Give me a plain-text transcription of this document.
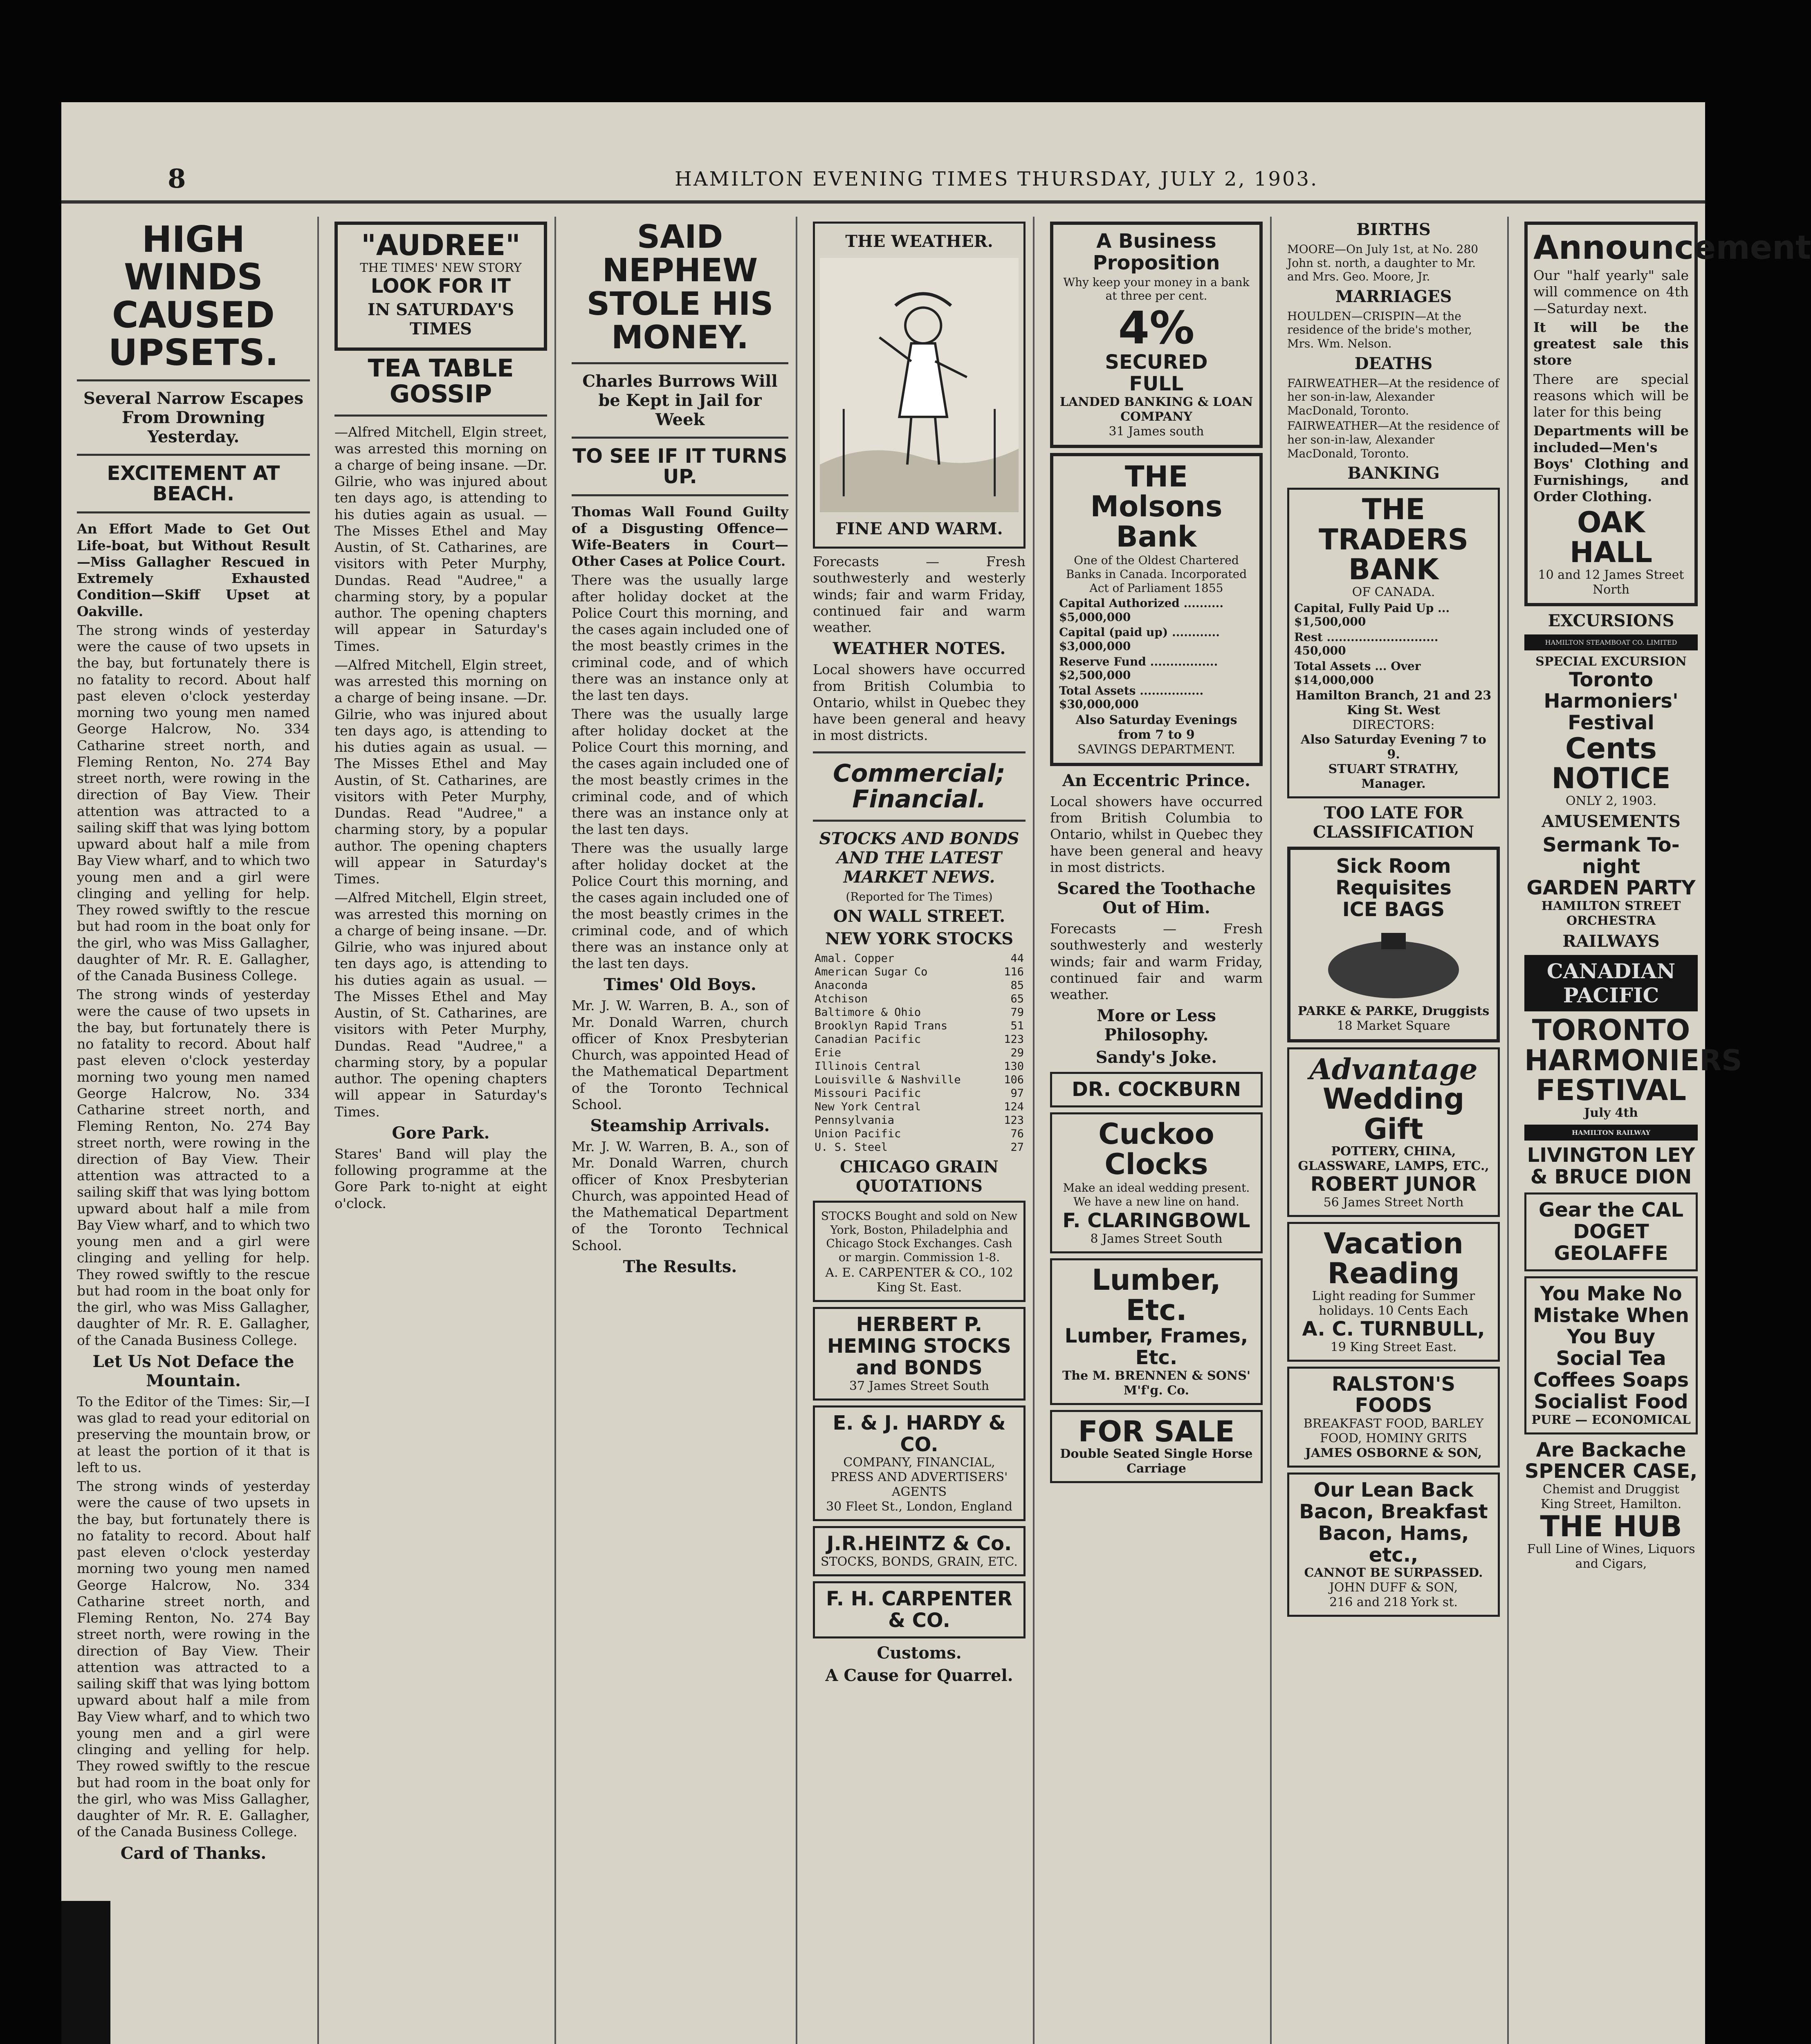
8	HAMILTON EVENING TIMES THURSDAY, JULY 2, 1903.
HIGH WINDS CAUSED UPSETS.
Several Narrow Escapes From Drowning Yesterday.
EXCITEMENT AT BEACH.

An Effort Made to Get Out Life-boat, but Without Result—Miss Gallagher Rescued in Extremely Exhausted Condition—Skiff Upset at Oakville.

The strong winds of yesterday were the cause of two upsets in the bay, but fortunately there is no fatality to record. About half past eleven o'clock yesterday morning two young men named George Halcrow, No. 334 Catharine street north, and Fleming Renton, No. 274 Bay street north, were rowing in the direction of Bay View. Their attention was attracted to a sailing skiff that was lying bottom upward about half a mile from Bay View wharf, and to which two young men and a girl were clinging and yelling for help. They rowed swiftly to the rescue but had room in the boat only for the girl, who was Miss Gallagher, daughter of Mr. R. E. Gallagher, of the Canada Business College.

The strong winds of yesterday were the cause of two upsets in the bay, but fortunately there is no fatality to record. About half past eleven o'clock yesterday morning two young men named George Halcrow, No. 334 Catharine street north, and Fleming Renton, No. 274 Bay street north, were rowing in the direction of Bay View. Their attention was attracted to a sailing skiff that was lying bottom upward about half a mile from Bay View wharf, and to which two young men and a girl were clinging and yelling for help. They rowed swiftly to the rescue but had room in the boat only for the girl, who was Miss Gallagher, daughter of Mr. R. E. Gallagher, of the Canada Business College.

Let Us Not Deface the Mountain.

To the Editor of the Times: Sir,—I was glad to read your editorial on preserving the mountain brow, or at least the portion of it that is left to us.

The strong winds of yesterday were the cause of two upsets in the bay, but fortunately there is no fatality to record. About half past eleven o'clock yesterday morning two young men named George Halcrow, No. 334 Catharine street north, and Fleming Renton, No. 274 Bay street north, were rowing in the direction of Bay View. Their attention was attracted to a sailing skiff that was lying bottom upward about half a mile from Bay View wharf, and to which two young men and a girl were clinging and yelling for help. They rowed swiftly to the rescue but had room in the boat only for the girl, who was Miss Gallagher, daughter of Mr. R. E. Gallagher, of the Canada Business College.

Card of Thanks.
"AUDREE"
THE TIMES' NEW STORY
LOOK FOR IT
IN SATURDAY'S TIMES
TEA TABLE GOSSIP

—Alfred Mitchell, Elgin street, was arrested this morning on a charge of being insane. —Dr. Gilrie, who was injured about ten days ago, is attending to his duties again as usual. —The Misses Ethel and May Austin, of St. Catharines, are visitors with Peter Murphy, Dundas. Read "Audree," a charming story, by a popular author. The opening chapters will appear in Saturday's Times.

—Alfred Mitchell, Elgin street, was arrested this morning on a charge of being insane. —Dr. Gilrie, who was injured about ten days ago, is attending to his duties again as usual. —The Misses Ethel and May Austin, of St. Catharines, are visitors with Peter Murphy, Dundas. Read "Audree," a charming story, by a popular author. The opening chapters will appear in Saturday's Times.

—Alfred Mitchell, Elgin street, was arrested this morning on a charge of being insane. —Dr. Gilrie, who was injured about ten days ago, is attending to his duties again as usual. —The Misses Ethel and May Austin, of St. Catharines, are visitors with Peter Murphy, Dundas. Read "Audree," a charming story, by a popular author. The opening chapters will appear in Saturday's Times.

Gore Park.

Stares' Band will play the following programme at the Gore Park to-night at eight o'clock.

SAID NEPHEW STOLE HIS MONEY.
Charles Burrows Will be Kept in Jail for Week
TO SEE IF IT TURNS UP.

Thomas Wall Found Guilty of a Disgusting Offence—Wife-Beaters in Court—Other Cases at Police Court.

There was the usually large after holiday docket at the Police Court this morning, and the cases again included one of the most beastly crimes in the criminal code, and of which there was an instance only at the last ten days.

There was the usually large after holiday docket at the Police Court this morning, and the cases again included one of the most beastly crimes in the criminal code, and of which there was an instance only at the last ten days.

There was the usually large after holiday docket at the Police Court this morning, and the cases again included one of the most beastly crimes in the criminal code, and of which there was an instance only at the last ten days.

Times' Old Boys.

Mr. J. W. Warren, B. A., son of Mr. Donald Warren, church officer of Knox Presbyterian Church, was appointed Head of the Mathematical Department of the Toronto Technical School.

Steamship Arrivals.

Mr. J. W. Warren, B. A., son of Mr. Donald Warren, church officer of Knox Presbyterian Church, was appointed Head of the Mathematical Department of the Toronto Technical School.

The Results.
THE WEATHER.
FINE AND WARM.

Forecasts — Fresh southwesterly and westerly winds; fair and warm Friday, continued fair and warm weather.

WEATHER NOTES.

Local showers have occurred from British Columbia to Ontario, whilst in Quebec they have been general and heavy in most districts.

Commercial; Financial.
STOCKS AND BONDS AND THE LATEST MARKET NEWS.
(Reported for The Times)
ON WALL STREET.
NEW YORK STOCKS
Amal. Copper	44
American Sugar Co	116
Anaconda	85
Atchison	65
Baltimore & Ohio	79
Brooklyn Rapid Trans	51
Canadian Pacific	123
Erie	29
Illinois Central	130
Louisville & Nashville	106
Missouri Pacific	97
New York Central	124
Pennsylvania	123
Union Pacific	76
U. S. Steel	27
CHICAGO GRAIN QUOTATIONS

STOCKS Bought and sold on New York, Boston, Philadelphia and Chicago Stock Exchanges. Cash or margin. Commission 1-8.

A. E. CARPENTER & CO., 102 King St. East.
HERBERT P. HEMING STOCKS and BONDS
37 James Street South
E. & J. HARDY & CO.
COMPANY, FINANCIAL, PRESS AND ADVERTISERS' AGENTS
30 Fleet St., London, England
J.R.HEINTZ & Co.
STOCKS, BONDS, GRAIN, ETC.
F. H. CARPENTER & CO.
Customs.
A Cause for Quarrel.
A Business Proposition

Why keep your money in a bank at three per cent.

4%
SECURED
FULL
LANDED BANKING & LOAN COMPANY
31 James south
THE Molsons Bank

One of the Oldest Chartered Banks in Canada. Incorporated Act of Parliament 1855

Capital Authorized .......... $5,000,000
Capital (paid up) ............ $3,000,000
Reserve Fund ................. $2,500,000
Total Assets ................ $30,000,000
Also Saturday Evenings from 7 to 9
SAVINGS DEPARTMENT.
An Eccentric Prince.

Local showers have occurred from British Columbia to Ontario, whilst in Quebec they have been general and heavy in most districts.

Scared the Toothache Out of Him.

Forecasts — Fresh southwesterly and westerly winds; fair and warm Friday, continued fair and warm weather.

More or Less Philosophy.
Sandy's Joke.
DR. COCKBURN
Cuckoo Clocks

Make an ideal wedding present. We have a new line on hand.

F. CLARINGBOWL
8 James Street South
Lumber, Etc.
Lumber, Frames, Etc.
The M. BRENNEN & SONS' M'f'g. Co.
FOR SALE
Double Seated Single Horse Carriage
BIRTHS

MOORE—On July 1st, at No. 280 John st. north, a daughter to Mr. and Mrs. Geo. Moore, Jr.

MARRIAGES

HOULDEN—CRISPIN—At the residence of the bride's mother, Mrs. Wm. Nelson.

DEATHS

FAIRWEATHER—At the residence of her son-in-law, Alexander MacDonald, Toronto.

FAIRWEATHER—At the residence of her son-in-law, Alexander MacDonald, Toronto.

BANKING
THE TRADERS BANK
OF CANADA.
Capital, Fully Paid Up ... $1,500,000
Rest ............................ 450,000
Total Assets ... Over $14,000,000
Hamilton Branch, 21 and 23 King St. West
DIRECTORS:
Also Saturday Evening 7 to 9.
STUART STRATHY, Manager.
TOO LATE FOR CLASSIFICATION
Sick Room Requisites
ICE BAGS
PARKE & PARKE, Druggists
18 Market Square
Advantage
Wedding Gift
POTTERY, CHINA, GLASSWARE, LAMPS, ETC.,
ROBERT JUNOR
56 James Street North
Vacation Reading
Light reading for Summer holidays. 10 Cents Each
A. C. TURNBULL,
19 King Street East.
RALSTON'S FOODS
BREAKFAST FOOD, BARLEY FOOD, HOMINY GRITS
JAMES OSBORNE & SON,
Our Lean Back Bacon, Breakfast Bacon, Hams, etc.,
CANNOT BE SURPASSED.
JOHN DUFF & SON,
216 and 218 York st.
Announcement

Our "half yearly" sale will commence on 4th—Saturday next.

It will be the greatest sale this store

There are special reasons which will be later for this being

Departments will be included—Men's Boys' Clothing and Furnishings, and Order Clothing.

OAK HALL
10 and 12 James Street North
EXCURSIONS
HAMILTON STEAMBOAT CO. LIMITED
SPECIAL EXCURSION
Toronto Harmoniers' Festival
Cents
NOTICE
ONLY 2, 1903.
AMUSEMENTS
Sermank To-night
GARDEN PARTY
HAMILTON STREET ORCHESTRA
RAILWAYS
CANADIAN PACIFIC
TORONTO HARMONIERS FESTIVAL
July 4th
HAMILTON RAILWAY
LIVINGTON LEY & BRUCE DION
Gear the CAL
DOGET
GEOLAFFE
You Make No Mistake When You Buy
Social Tea Coffees Soaps Socialist Food
PURE — ECONOMICAL
Are Backache
SPENCER CASE,
Chemist and Druggist
King Street, Hamilton.
THE HUB
Full Line of Wines, Liquors and Cigars,
